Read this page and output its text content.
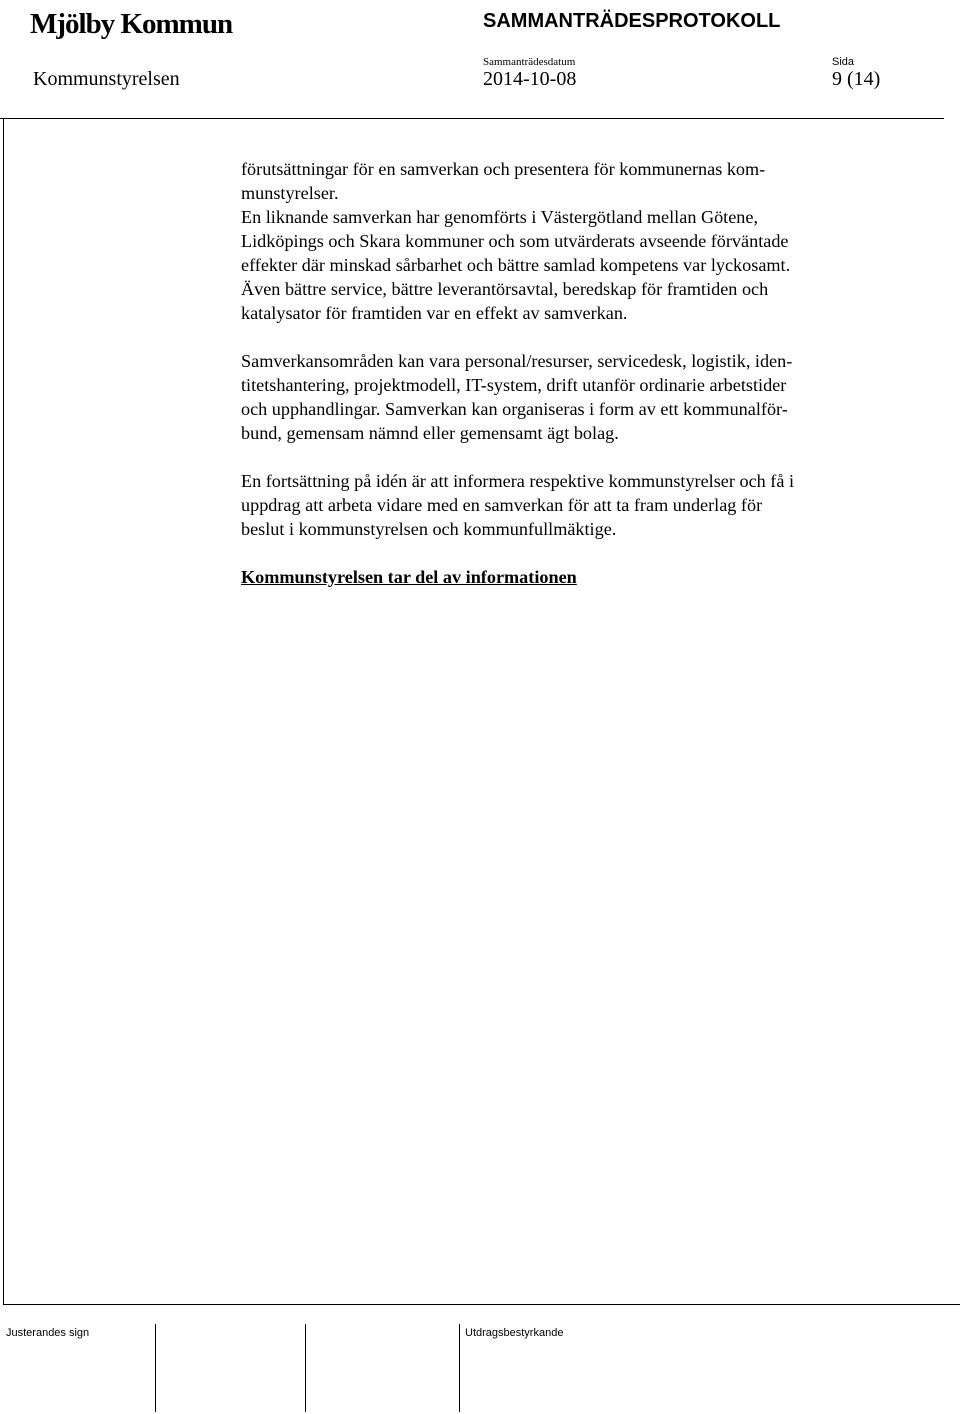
Mjölby Kommun	SAMMANTRÄDESPROTOKOLL
Sammanträdesdatum	Sida
Kommunstyrelsen	2014-10-08	9 (14)
förutsättningar för en samverkan och presentera för kommunernas kom-
munstyrelser.
En liknande samverkan har genomförts i Västergötland mellan Götene,
Lidköpings och Skara kommuner och som utvärderats avseende förväntade
effekter där minskad sårbarhet och bättre samlad kompetens var lyckosamt.
Även bättre service, bättre leverantörsavtal, beredskap för framtiden och
katalysator för framtiden var en effekt av samverkan.
Samverkansområden kan vara personal/resurser, servicedesk, logistik, iden-
titetshantering, projektmodell, IT-system, drift utanför ordinarie arbetstider
och upphandlingar. Samverkan kan organiseras i form av ett kommunalför-
bund, gemensam nämnd eller gemensamt ägt bolag.
En fortsättning på idén är att informera respektive kommunstyrelser och få i
uppdrag att arbeta vidare med en samverkan för att ta fram underlag för
beslut i kommunstyrelsen och kommunfullmäktige.
Kommunstyrelsen tar del av informationen
Justerandes sign	Utdragsbestyrkande
